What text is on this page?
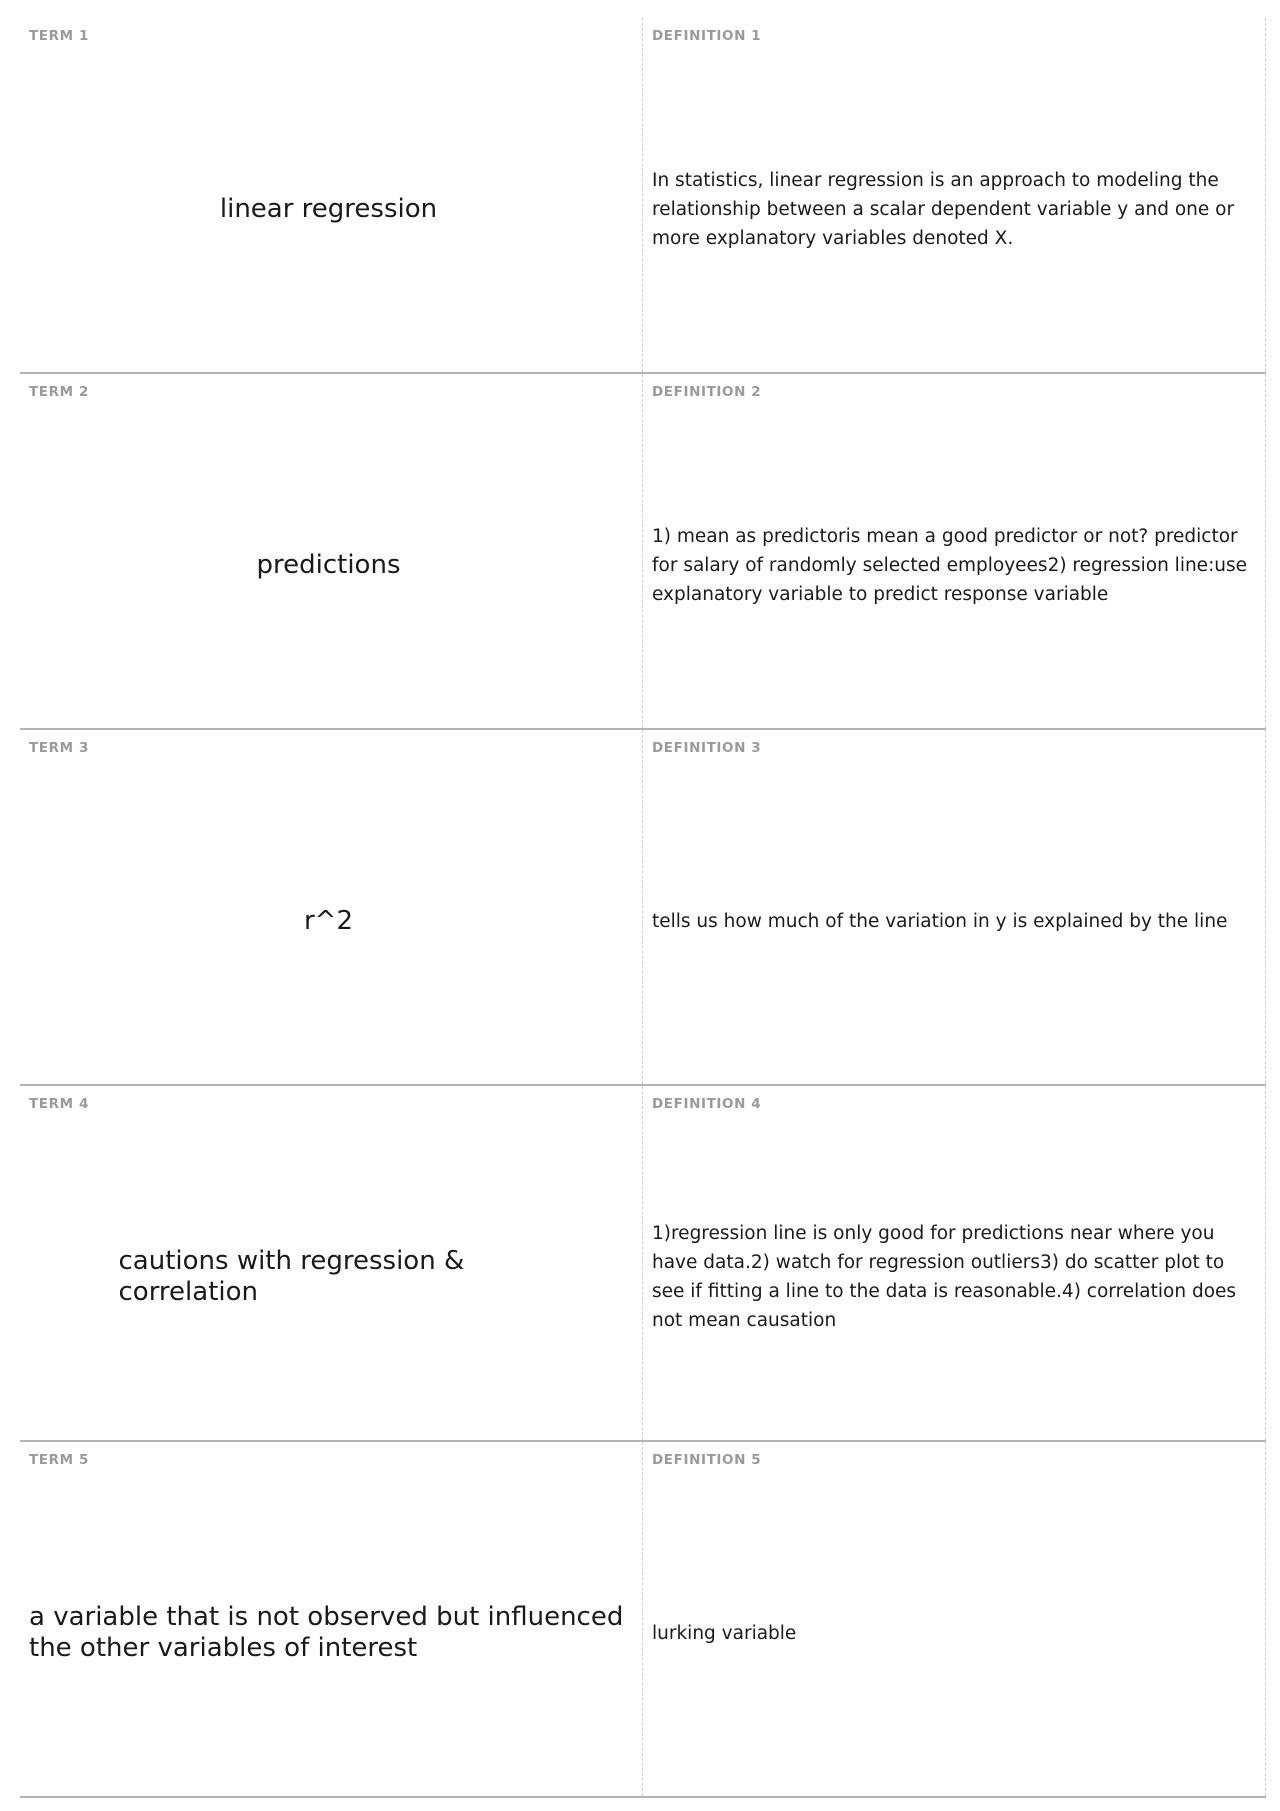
TERM 1
linear regression
DEFINITION 1
In statistics, linear regression is an approach to modeling the relationship between a scalar dependent variable y and one or more explanatory variables denoted X.
TERM 2
predictions
DEFINITION 2
1) mean as predictoris mean a good predictor or not? predictor for salary of randomly selected employees2) regression line:use explanatory variable to predict response variable
TERM 3
r^2
DEFINITION 3
tells us how much of the variation in y is explained by the line
TERM 4
cautions with regression & correlation
DEFINITION 4
1)regression line is only good for predictions near where you have data.2) watch for regression outliers3) do scatter plot to see if fitting a line to the data is reasonable.4) correlation does not mean causation
TERM 5
a variable that is not observed but influenced the other variables of interest
DEFINITION 5
lurking variable
